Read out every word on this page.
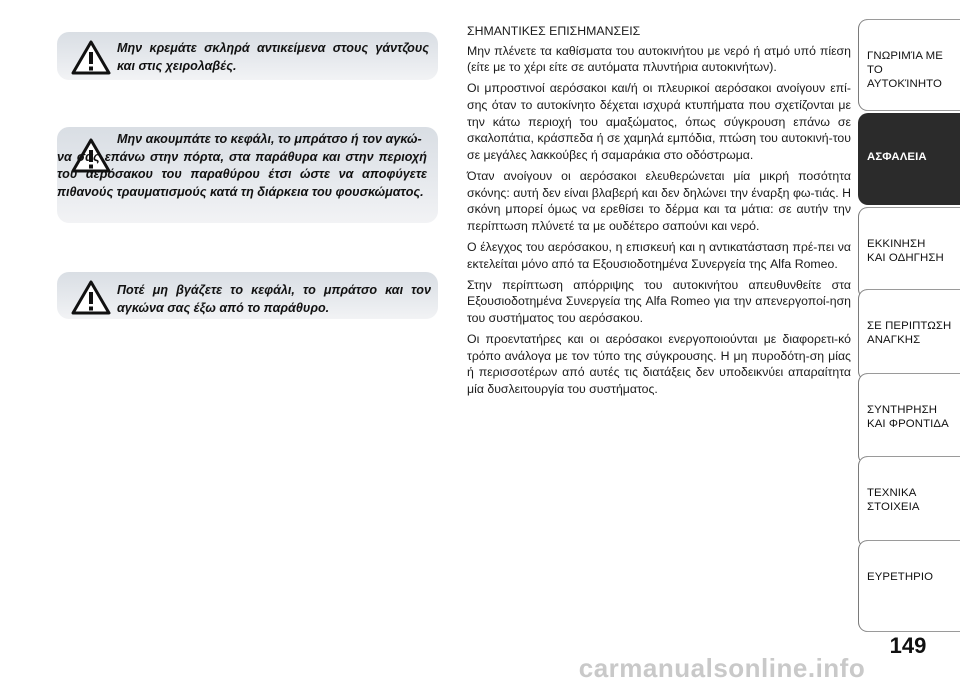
Μην κρεμάτε σκληρά αντικείμενα στους γάντζους και στις χειρολαβές.
Μην ακουμπάτε το κεφάλι, το μπράτσο ή τον αγκώ-
να σας επάνω στην πόρτα, στα παράθυρα και στην περιοχή του αερόσακου του παραθύρου έτσι ώστε να αποφύγετε πιθανούς τραυματισμούς κατά τη διάρκεια του φουσκώματος.
Ποτέ μη βγάζετε το κεφάλι, το μπράτσο και τον αγκώνα σας έξω από το παράθυρο.

ΣΗΜΑΝΤΙΚΕΣ ΕΠΙΣΗΜΑΝΣΕΙΣ

Μην πλένετε τα καθίσματα του αυτοκινήτου με νερό ή ατμό υπό πίεση (είτε με το χέρι είτε σε αυτόματα πλυντήρια αυτοκινήτων).

Οι μπροστινοί αερόσακοι και/ή οι πλευρικοί αερόσακοι ανοίγουν επί-σης όταν το αυτοκίνητο δέχεται ισχυρά κτυπήματα που σχετίζονται με την κάτω περιοχή του αμαξώματος, όπως σύγκρουση επάνω σε σκαλοπάτια, κράσπεδα ή σε χαμηλά εμπόδια, πτώση του αυτοκινή-του σε μεγάλες λακκούβες ή σαμαράκια στο οδόστρωμα.

Όταν ανοίγουν οι αερόσακοι ελευθερώνεται μία μικρή ποσότητα σκόνης: αυτή δεν είναι βλαβερή και δεν δηλώνει την έναρξη φω-τιάς. Η σκόνη μπορεί όμως να ερεθίσει το δέρμα και τα μάτια: σε αυτήν την περίπτωση πλύνετέ τα με ουδέτερο σαπούνι και νερό.

Ο έλεγχος του αερόσακου, η επισκευή και η αντικατάσταση πρέ-πει να εκτελείται μόνο από τα Εξουσιοδοτημένα Συνεργεία της Alfa Romeo.

Στην περίπτωση απόρριψης του αυτοκινήτου απευθυνθείτε στα Εξουσιοδοτημένα Συνεργεία της Alfa Romeo για την απενεργοποί-ηση του συστήματος του αερόσακου.

Οι προεντατήρες και οι αερόσακοι ενεργοποιούνται με διαφορετι-κό τρόπο ανάλογα με τον τύπο της σύγκρουσης. Η μη πυροδότη-ση μίας ή περισσοτέρων από αυτές τις διατάξεις δεν υποδεικνύει απαραίτητα μία δυσλειτουργία του συστήματος.

ΓΝΩΡΙΜΊΑ ΜΕ ΤΟ
ΑΥΤΟΚΊΝΗΤΟ
ΑΣΦΑΛΕΙΑ
ΕΚΚΙΝΗΣΗ
ΚΑΙ ΟΔΗΓΗΣΗ
ΣΕ ΠΕΡΙΠΤΩΣΗ
ΑΝΑΓΚΗΣ
ΣΥΝΤΗΡΗΣΗ
ΚΑΙ ΦΡΟΝΤΙΔΑ
ΤΕΧΝΙΚΑ
ΣΤΟΙΧΕΙΑ
ΕΥΡΕΤΗΡΙΟ
149
carmanualsonline.info
